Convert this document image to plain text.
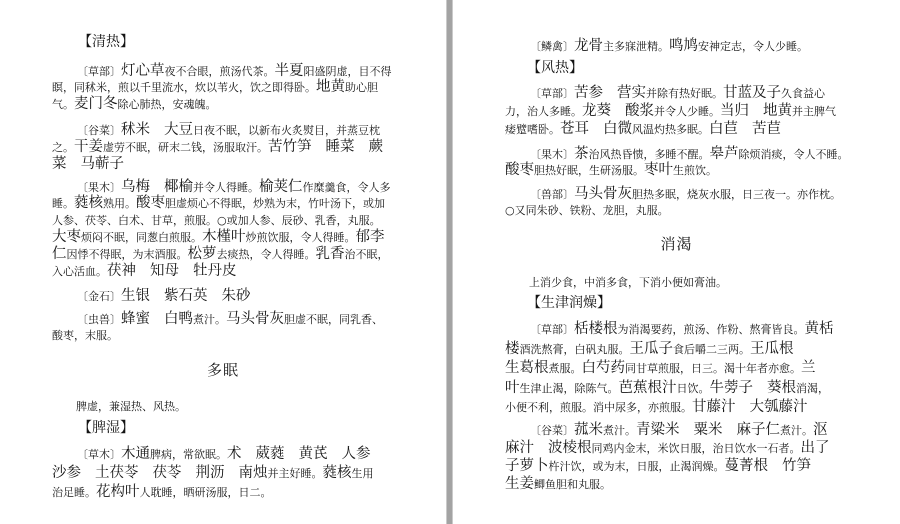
【清热】
〔草部〕灯心草夜不合眼，煎汤代茶。半夏阳盛阴虚，目不得
瞑，同秫米，煎以千里流水，炊以苇火，饮之即得卧。地黄助心胆
气。麦门冬除心肺热，安魂魄。
〔谷菜〕秫米 大豆日夜不眠，以新布火炙熨目，并蒸豆枕
之。干姜虚劳不眠，研末二钱，汤服取汗。苦竹笋 睡菜 蕨
菜 马蕲子
〔果木〕乌梅 椰榆并令人得睡。榆荚仁作糜羹食，令人多
睡。蕤核熟用。酸枣胆虚烦心不得眠，炒熟为末，竹叶汤下，或加
人参、茯苓、白术、甘草，煎服。○或加人参、辰砂、乳香，丸服。
大枣烦闷不眠，同葱白煎服。木槿叶炒煎饮服，令人得睡。郁李
仁因悸不得眠，为末酒服。松萝去痰热，令人得睡。乳香治不眠，
入心活血。茯神 知母 牡丹皮
〔金石〕生银 紫石英 朱砂
〔虫兽〕蜂蜜 白鸭煮汁。马头骨灰胆虚不眠，同乳香、
酸枣，末服。
多眠
脾虚，兼湿热、风热。
【脾湿】
〔草木〕木通脾病，常欲眠。术 葳蕤 黄芪 人参
沙参 土茯苓 茯苓 荆沥 南烛并主好睡。蕤核生用
治足睡。花构叶人耽睡，晒研汤服，日二。
〔鳞禽〕龙骨主多寐泄精。鸣鸠安神定志，令人少睡。
【风热】
〔草部〕苦参 营实并除有热好眠。甘蓝及子久食益心
力，治人多睡。龙葵 酸浆并令人少睡。当归 地黄并主脾气
痿躄嗜卧。苍耳 白微风温灼热多眠。白苣 苦苣
〔果木〕茶治风热昏愦，多睡不醒。皋芦除烦消痰，令人不睡。
酸枣胆热好眠，生研汤服。枣叶生煎饮。
〔兽部〕马头骨灰胆热多眠，烧灰水服，日三夜一。亦作枕。
○又同朱砂、铁粉、龙胆，丸服。
消渴
上消少食，中消多食，下消小便如膏油。
【生津润燥】
〔草部〕栝楼根为消渴要药，煎汤、作粉、熬膏皆良。黄栝
楼酒洗熬膏，白矾丸服。王瓜子食后嚼二三两。王瓜根
生葛根煮服。白芍药同甘草煎服，日三。渴十年者亦愈。兰
叶生津止渴，除陈气。芭蕉根汁日饮。牛蒡子 葵根消渴，
小便不利，煎服。消中尿多，亦煎服。甘藤汁 大瓠藤汁
〔谷菜〕菰米煮汁。青粱米 粟米 麻子仁煮汁。沤
麻汁 波棱根同鸡内金末，米饮日服，治日饮水一石者。出了
子萝卜杵汁饮，或为末，日服，止渴润燥。蔓菁根 竹笋
生姜鲫鱼胆和丸服。
